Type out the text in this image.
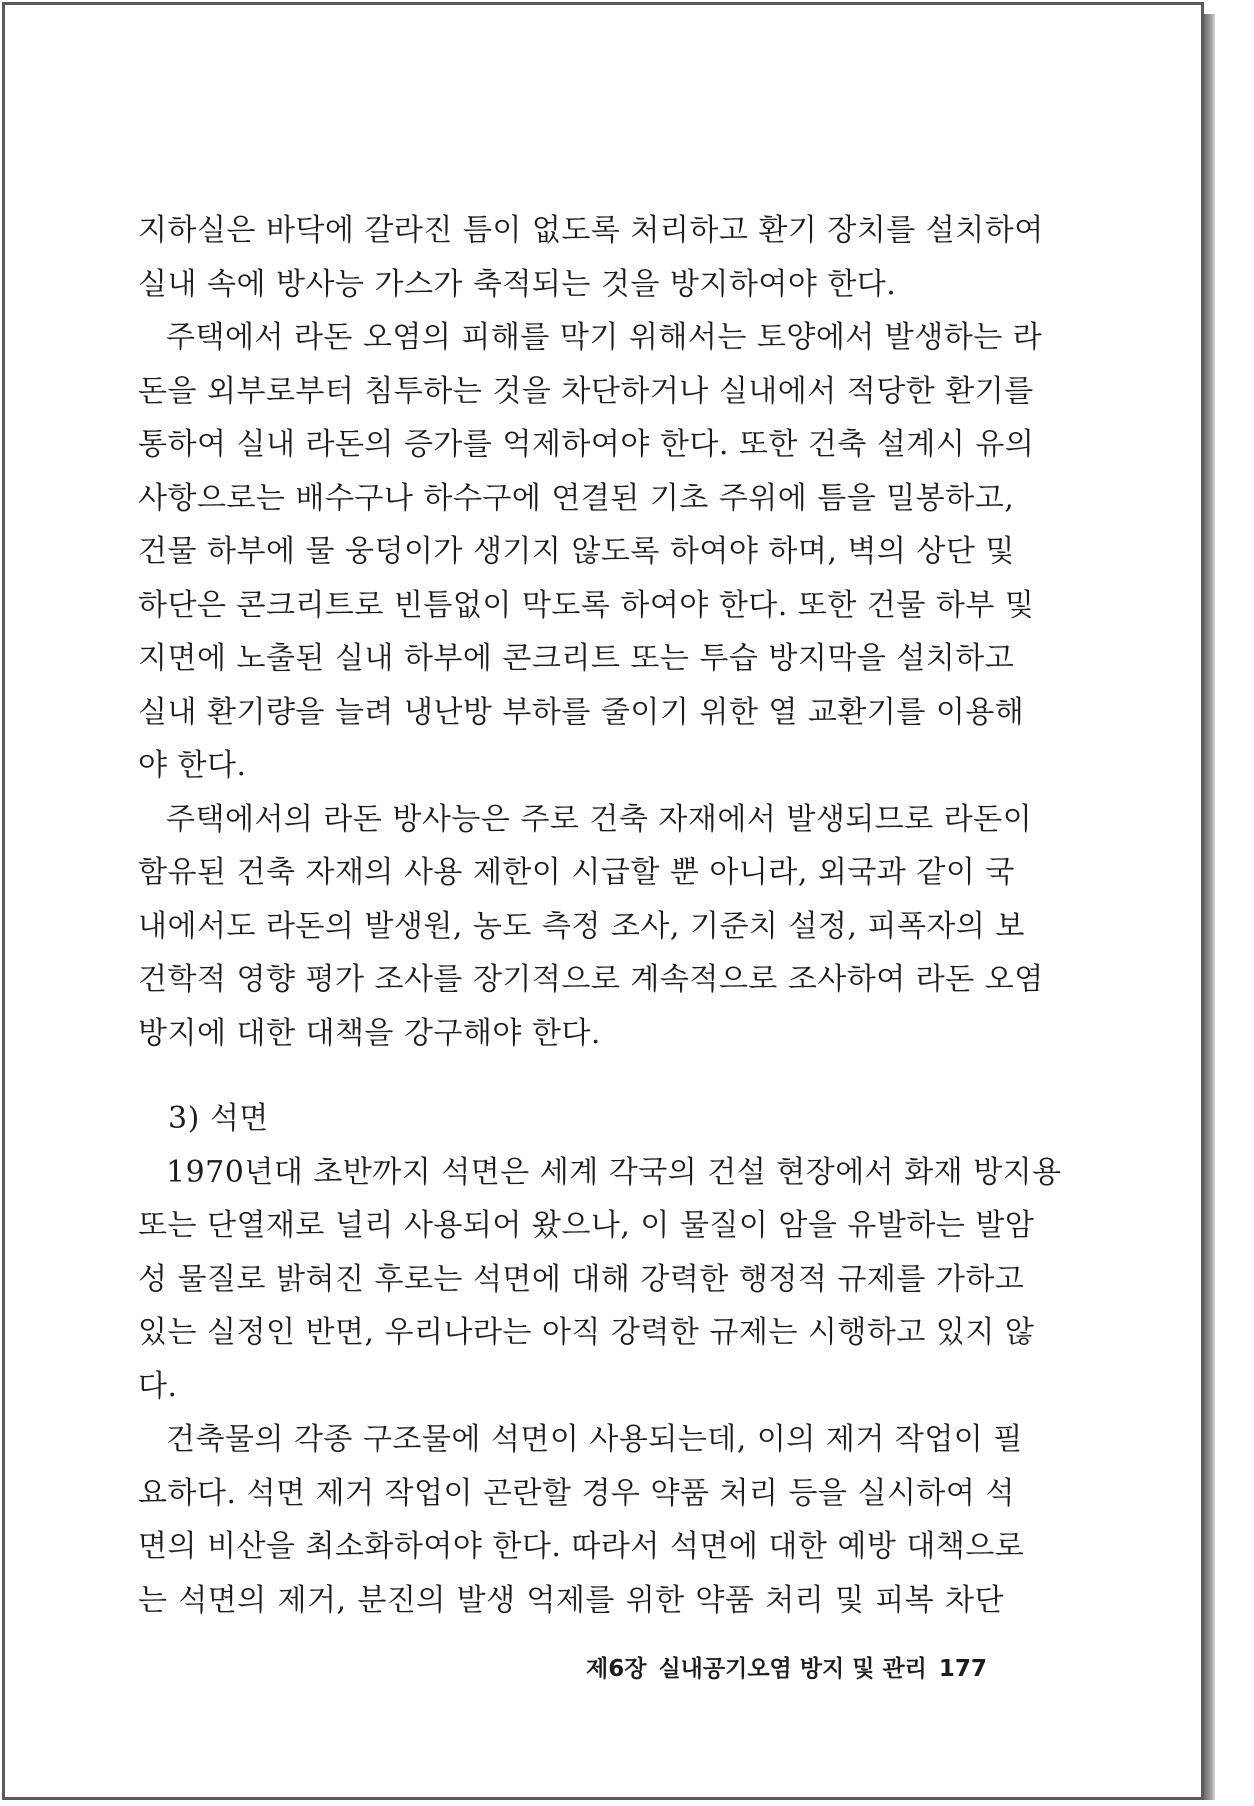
지하실은 바닥에 갈라진 틈이 없도록 처리하고 환기 장치를 설치하여
실내 속에 방사능 가스가 축적되는 것을 방지하여야 한다.
주택에서 라돈 오염의 피해를 막기 위해서는 토양에서 발생하는 라
돈을 외부로부터 침투하는 것을 차단하거나 실내에서 적당한 환기를
통하여 실내 라돈의 증가를 억제하여야 한다. 또한 건축 설계시 유의
사항으로는 배수구나 하수구에 연결된 기초 주위에 틈을 밀봉하고,
건물 하부에 물 웅덩이가 생기지 않도록 하여야 하며, 벽의 상단 및
하단은 콘크리트로 빈틈없이 막도록 하여야 한다. 또한 건물 하부 및
지면에 노출된 실내 하부에 콘크리트 또는 투습 방지막을 설치하고
실내 환기량을 늘려 냉난방 부하를 줄이기 위한 열 교환기를 이용해
야 한다.
주택에서의 라돈 방사능은 주로 건축 자재에서 발생되므로 라돈이
함유된 건축 자재의 사용 제한이 시급할 뿐 아니라, 외국과 같이 국
내에서도 라돈의 발생원, 농도 측정 조사, 기준치 설정, 피폭자의 보
건학적 영향 평가 조사를 장기적으로 계속적으로 조사하여 라돈 오염
방지에 대한 대책을 강구해야 한다.
3) 석면
1970년대 초반까지 석면은 세계 각국의 건설 현장에서 화재 방지용
또는 단열재로 널리 사용되어 왔으나, 이 물질이 암을 유발하는 발암
성 물질로 밝혀진 후로는 석면에 대해 강력한 행정적 규제를 가하고
있는 실정인 반면, 우리나라는 아직 강력한 규제는 시행하고 있지 않
다.
건축물의 각종 구조물에 석면이 사용되는데, 이의 제거 작업이 필
요하다. 석면 제거 작업이 곤란할 경우 약품 처리 등을 실시하여 석
면의 비산을 최소화하여야 한다. 따라서 석면에 대한 예방 대책으로
는 석면의 제거, 분진의 발생 억제를 위한 약품 처리 및 피복 차단
제6장 실내공기오염 방지 및 관리 177
